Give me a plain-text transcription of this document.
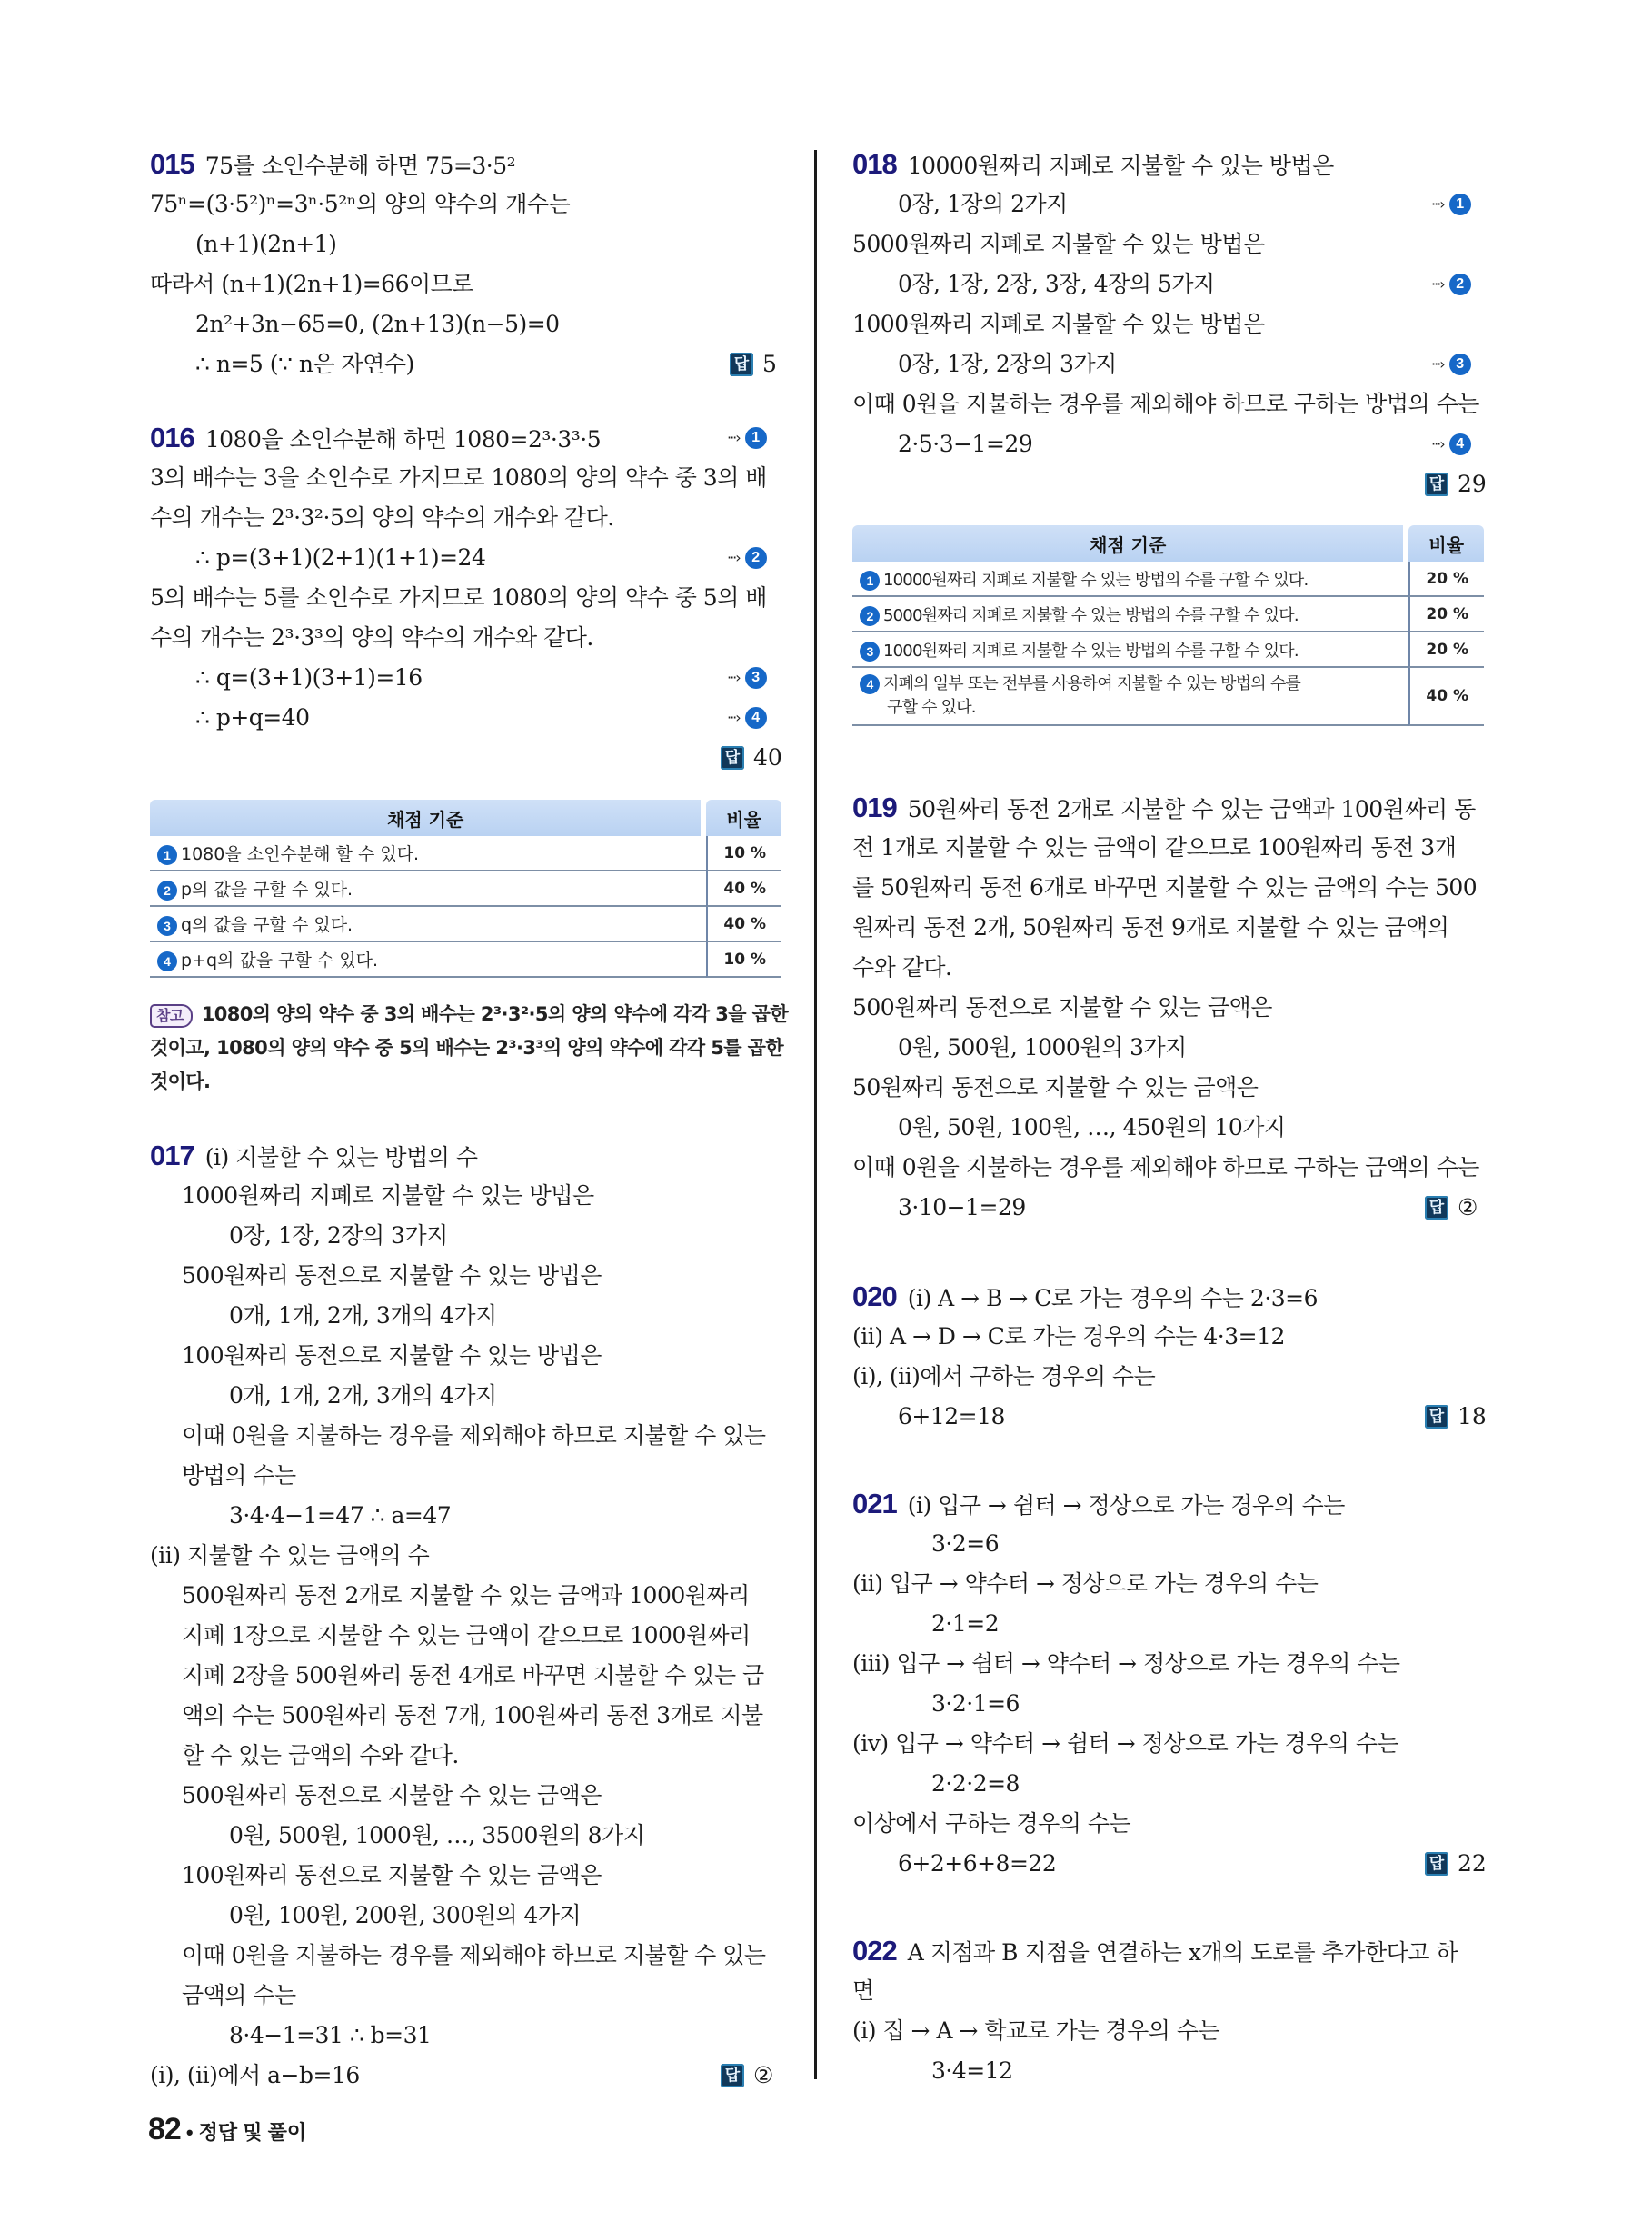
015 75를 소인수분해 하면 75=3·5²
75ⁿ=(3·5²)ⁿ=3ⁿ·5²ⁿ의 양의 약수의 개수는
(n+1)(2n+1)
따라서 (n+1)(2n+1)=66이므로
2n²+3n−65=0, (2n+13)(n−5)=0
∴ n=5 (∵ n은 자연수)	답 5
016 1080을 소인수분해 하면 1080=2³·3³·5	···› 1
3의 배수는 3을 소인수로 가지므로 1080의 양의 약수 중 3의 배
수의 개수는 2³·3²·5의 양의 약수의 개수와 같다.
∴ p=(3+1)(2+1)(1+1)=24	···› 2
5의 배수는 5를 소인수로 가지므로 1080의 양의 약수 중 5의 배
수의 개수는 2³·3³의 양의 약수의 개수와 같다.
∴ q=(3+1)(3+1)=16	···› 3
∴ p+q=40	···› 4
답 40
채점 기준	비율
1 1080을 소인수분해 할 수 있다.	10 %
2 p의 값을 구할 수 있다.	40 %
3 q의 값을 구할 수 있다.	40 %
4 p+q의 값을 구할 수 있다.	10 %
참고 1080의 양의 약수 중 3의 배수는 2³·3²·5의 양의 약수에 각각 3을 곱한
것이고, 1080의 양의 약수 중 5의 배수는 2³·3³의 양의 약수에 각각 5를 곱한
것이다.
017 (i) 지불할 수 있는 방법의 수
1000원짜리 지폐로 지불할 수 있는 방법은
0장, 1장, 2장의 3가지
500원짜리 동전으로 지불할 수 있는 방법은
0개, 1개, 2개, 3개의 4가지
100원짜리 동전으로 지불할 수 있는 방법은
0개, 1개, 2개, 3개의 4가지
이때 0원을 지불하는 경우를 제외해야 하므로 지불할 수 있는
방법의 수는
3·4·4−1=47 ∴ a=47
(ii) 지불할 수 있는 금액의 수
500원짜리 동전 2개로 지불할 수 있는 금액과 1000원짜리
지폐 1장으로 지불할 수 있는 금액이 같으므로 1000원짜리
지폐 2장을 500원짜리 동전 4개로 바꾸면 지불할 수 있는 금
액의 수는 500원짜리 동전 7개, 100원짜리 동전 3개로 지불
할 수 있는 금액의 수와 같다.
500원짜리 동전으로 지불할 수 있는 금액은
0원, 500원, 1000원, …, 3500원의 8가지
100원짜리 동전으로 지불할 수 있는 금액은
0원, 100원, 200원, 300원의 4가지
이때 0원을 지불하는 경우를 제외해야 하므로 지불할 수 있는
금액의 수는
8·4−1=31 ∴ b=31
(i), (ii)에서 a−b=16	답 ②
82 • 정답 및 풀이
018 10000원짜리 지폐로 지불할 수 있는 방법은
0장, 1장의 2가지	···› 1
5000원짜리 지폐로 지불할 수 있는 방법은
0장, 1장, 2장, 3장, 4장의 5가지	···› 2
1000원짜리 지폐로 지불할 수 있는 방법은
0장, 1장, 2장의 3가지	···› 3
이때 0원을 지불하는 경우를 제외해야 하므로 구하는 방법의 수는
2·5·3−1=29	···› 4
답 29
채점 기준	비율
1 10000원짜리 지폐로 지불할 수 있는 방법의 수를 구할 수 있다.	20 %
2 5000원짜리 지폐로 지불할 수 있는 방법의 수를 구할 수 있다.	20 %
3 1000원짜리 지폐로 지불할 수 있는 방법의 수를 구할 수 있다.	20 %
4 지폐의 일부 또는 전부를 사용하여 지불할 수 있는 방법의 수를
구할 수 있다.	40 %
019 50원짜리 동전 2개로 지불할 수 있는 금액과 100원짜리 동
전 1개로 지불할 수 있는 금액이 같으므로 100원짜리 동전 3개
를 50원짜리 동전 6개로 바꾸면 지불할 수 있는 금액의 수는 500
원짜리 동전 2개, 50원짜리 동전 9개로 지불할 수 있는 금액의
수와 같다.
500원짜리 동전으로 지불할 수 있는 금액은
0원, 500원, 1000원의 3가지
50원짜리 동전으로 지불할 수 있는 금액은
0원, 50원, 100원, …, 450원의 10가지
이때 0원을 지불하는 경우를 제외해야 하므로 구하는 금액의 수는
3·10−1=29	답 ②
020 (i) A → B → C로 가는 경우의 수는 2·3=6
(ii) A → D → C로 가는 경우의 수는 4·3=12
(i), (ii)에서 구하는 경우의 수는
6+12=18	답 18
021 (i) 입구 → 쉼터 → 정상으로 가는 경우의 수는
3·2=6
(ii) 입구 → 약수터 → 정상으로 가는 경우의 수는
2·1=2
(iii) 입구 → 쉼터 → 약수터 → 정상으로 가는 경우의 수는
3·2·1=6
(iv) 입구 → 약수터 → 쉼터 → 정상으로 가는 경우의 수는
2·2·2=8
이상에서 구하는 경우의 수는
6+2+6+8=22	답 22
022 A 지점과 B 지점을 연결하는 x개의 도로를 추가한다고 하
면
(i) 집 → A → 학교로 가는 경우의 수는
3·4=12
